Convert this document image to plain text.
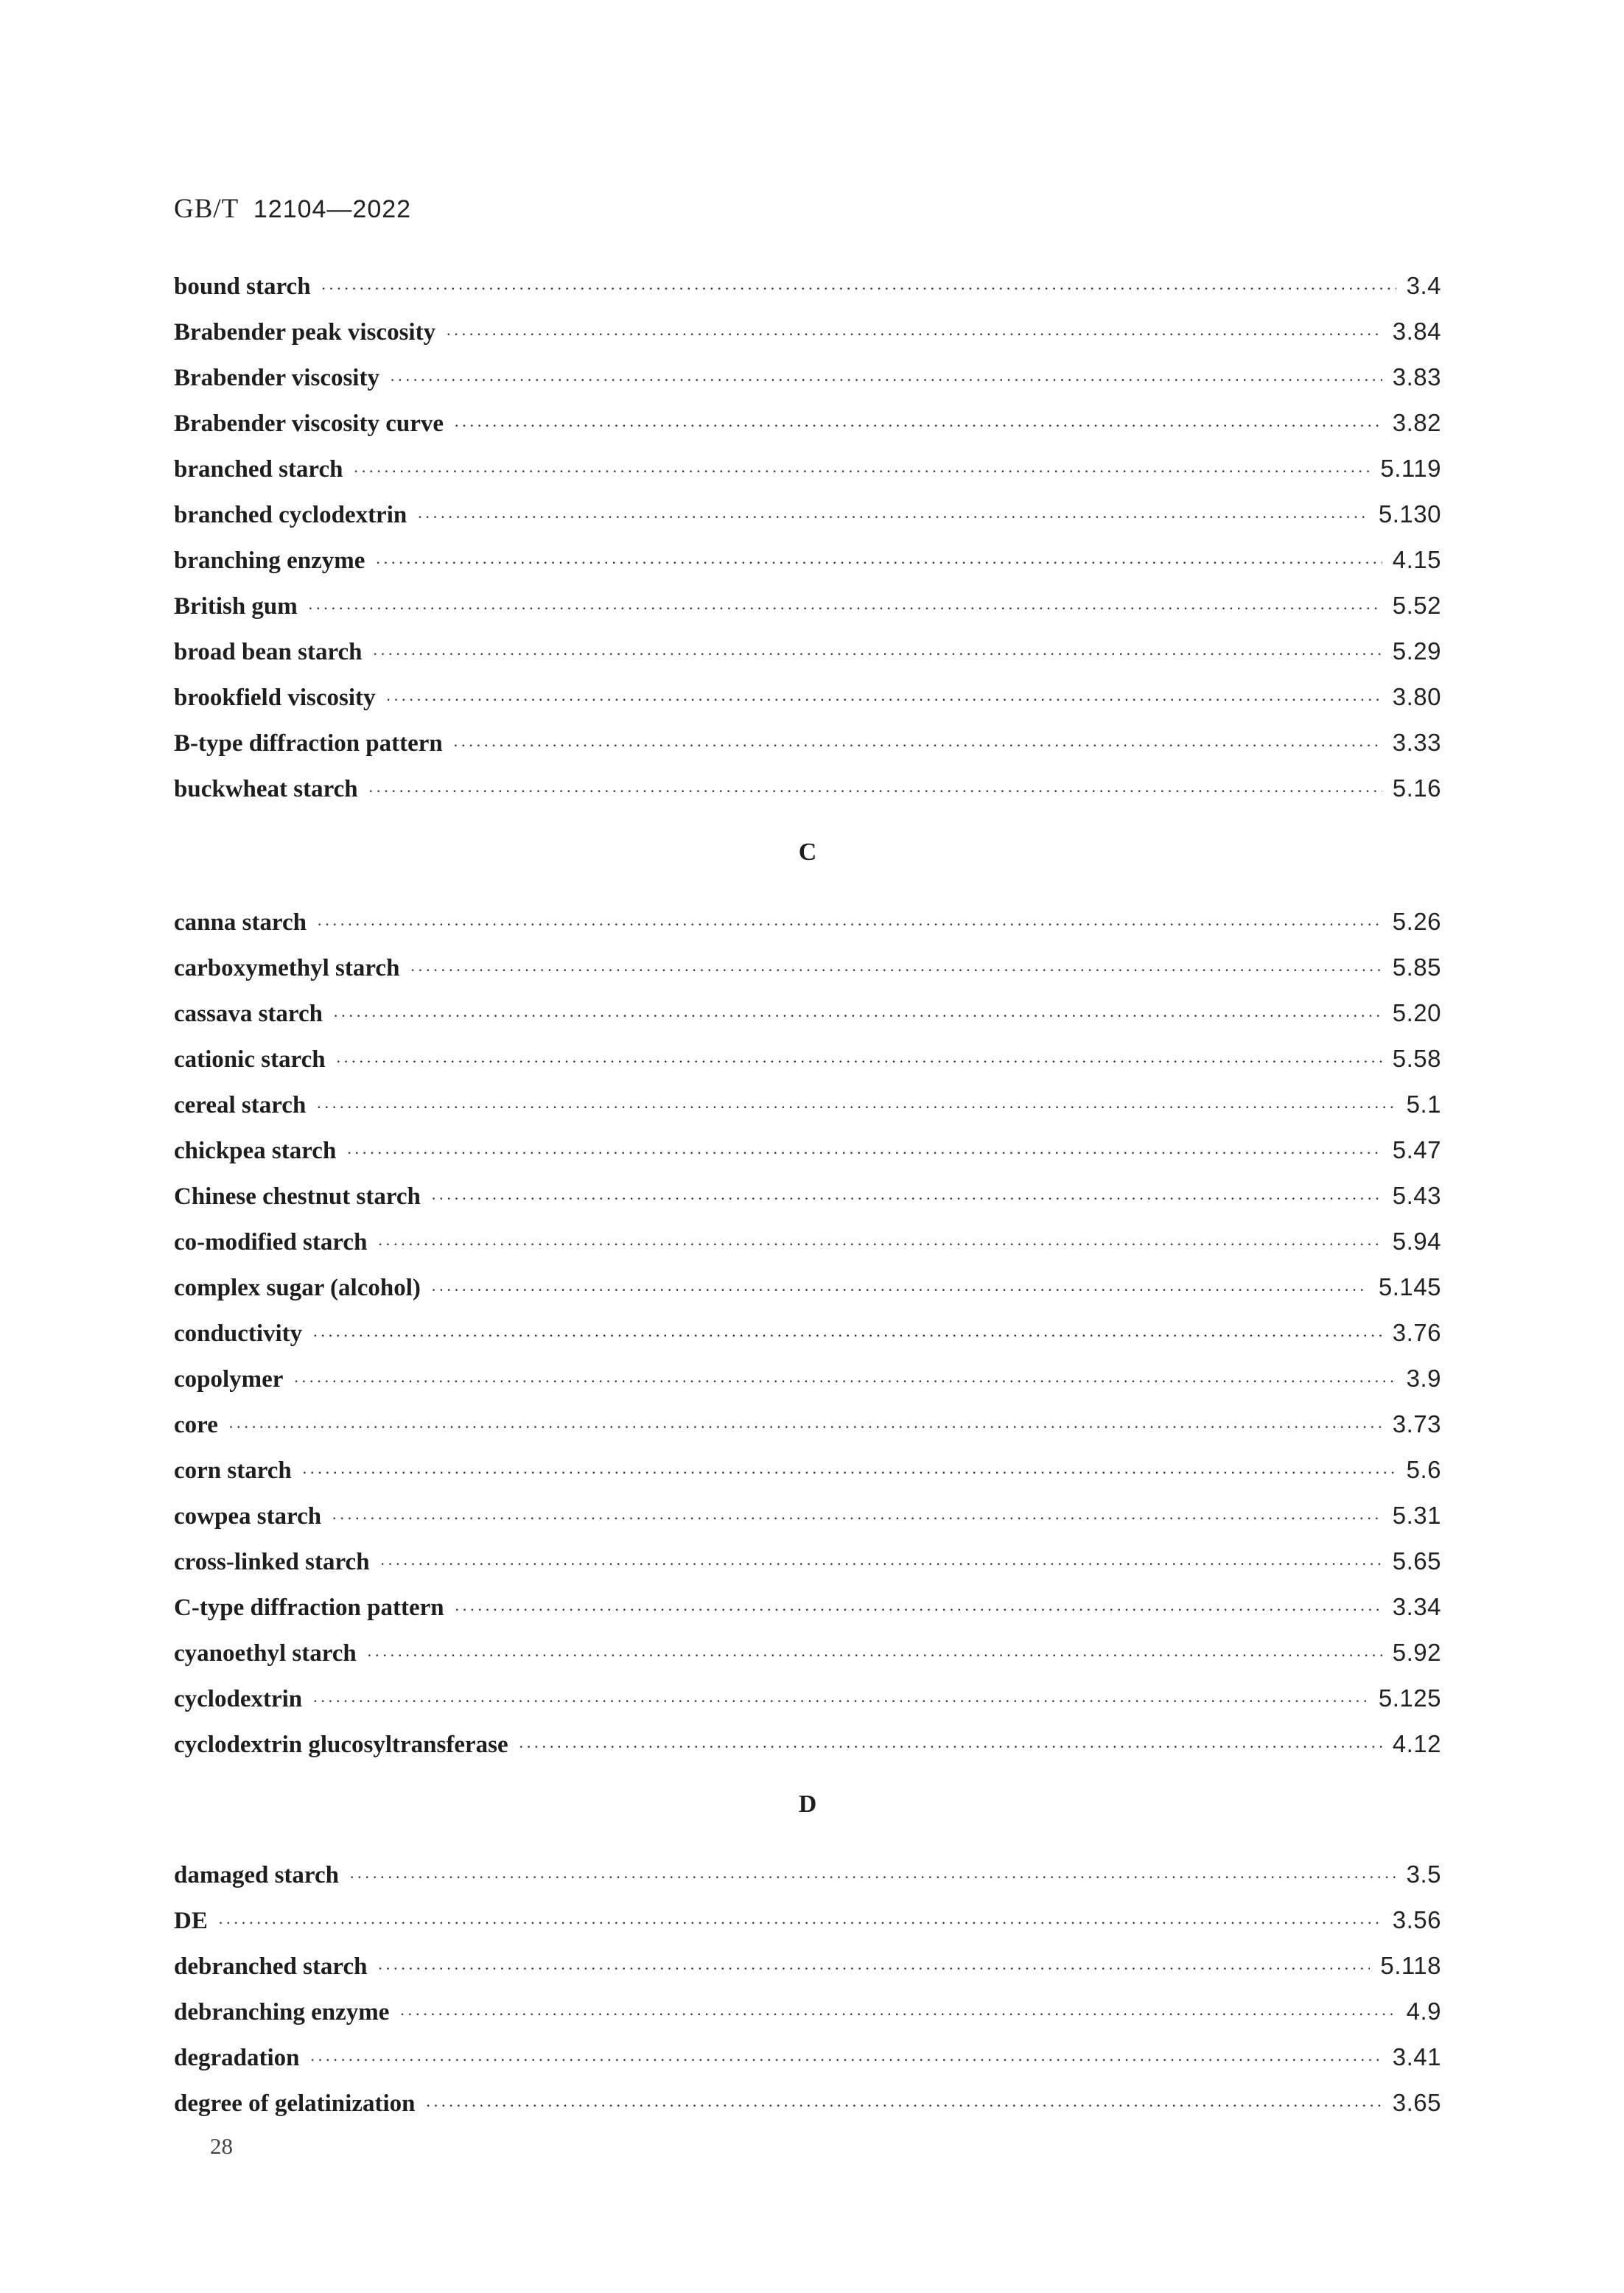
GB/T 12104—2022
bound starch ·····	3.4
Brabender peak viscosity ·····	3.84
Brabender viscosity ·····	3.83
Brabender viscosity curve ·····	3.82
branched starch ·····	5.119
branched cyclodextrin ·····	5.130
branching enzyme ·····	4.15
British gum ·····	5.52
broad bean starch ·····	5.29
brookfield viscosity ·····	3.80
B-type diffraction pattern ·····	3.33
buckwheat starch ·····	5.16
C
canna starch ·····	5.26
carboxymethyl starch ·····	5.85
cassava starch ·····	5.20
cationic starch ·····	5.58
cereal starch ·····	5.1
chickpea starch ·····	5.47
Chinese chestnut starch ·····	5.43
co-modified starch ·····	5.94
complex sugar (alcohol) ·····	5.145
conductivity ·····	3.76
copolymer ·····	3.9
core ·····	3.73
corn starch ·····	5.6
cowpea starch ·····	5.31
cross-linked starch ·····	5.65
C-type diffraction pattern ·····	3.34
cyanoethyl starch ·····	5.92
cyclodextrin ·····	5.125
cyclodextrin glucosyltransferase ·····	4.12
D
damaged starch ·····	3.5
DE ·····	3.56
debranched starch ·····	5.118
debranching enzyme ·····	4.9
degradation ·····	3.41
degree of gelatinization ·····	3.65
28
